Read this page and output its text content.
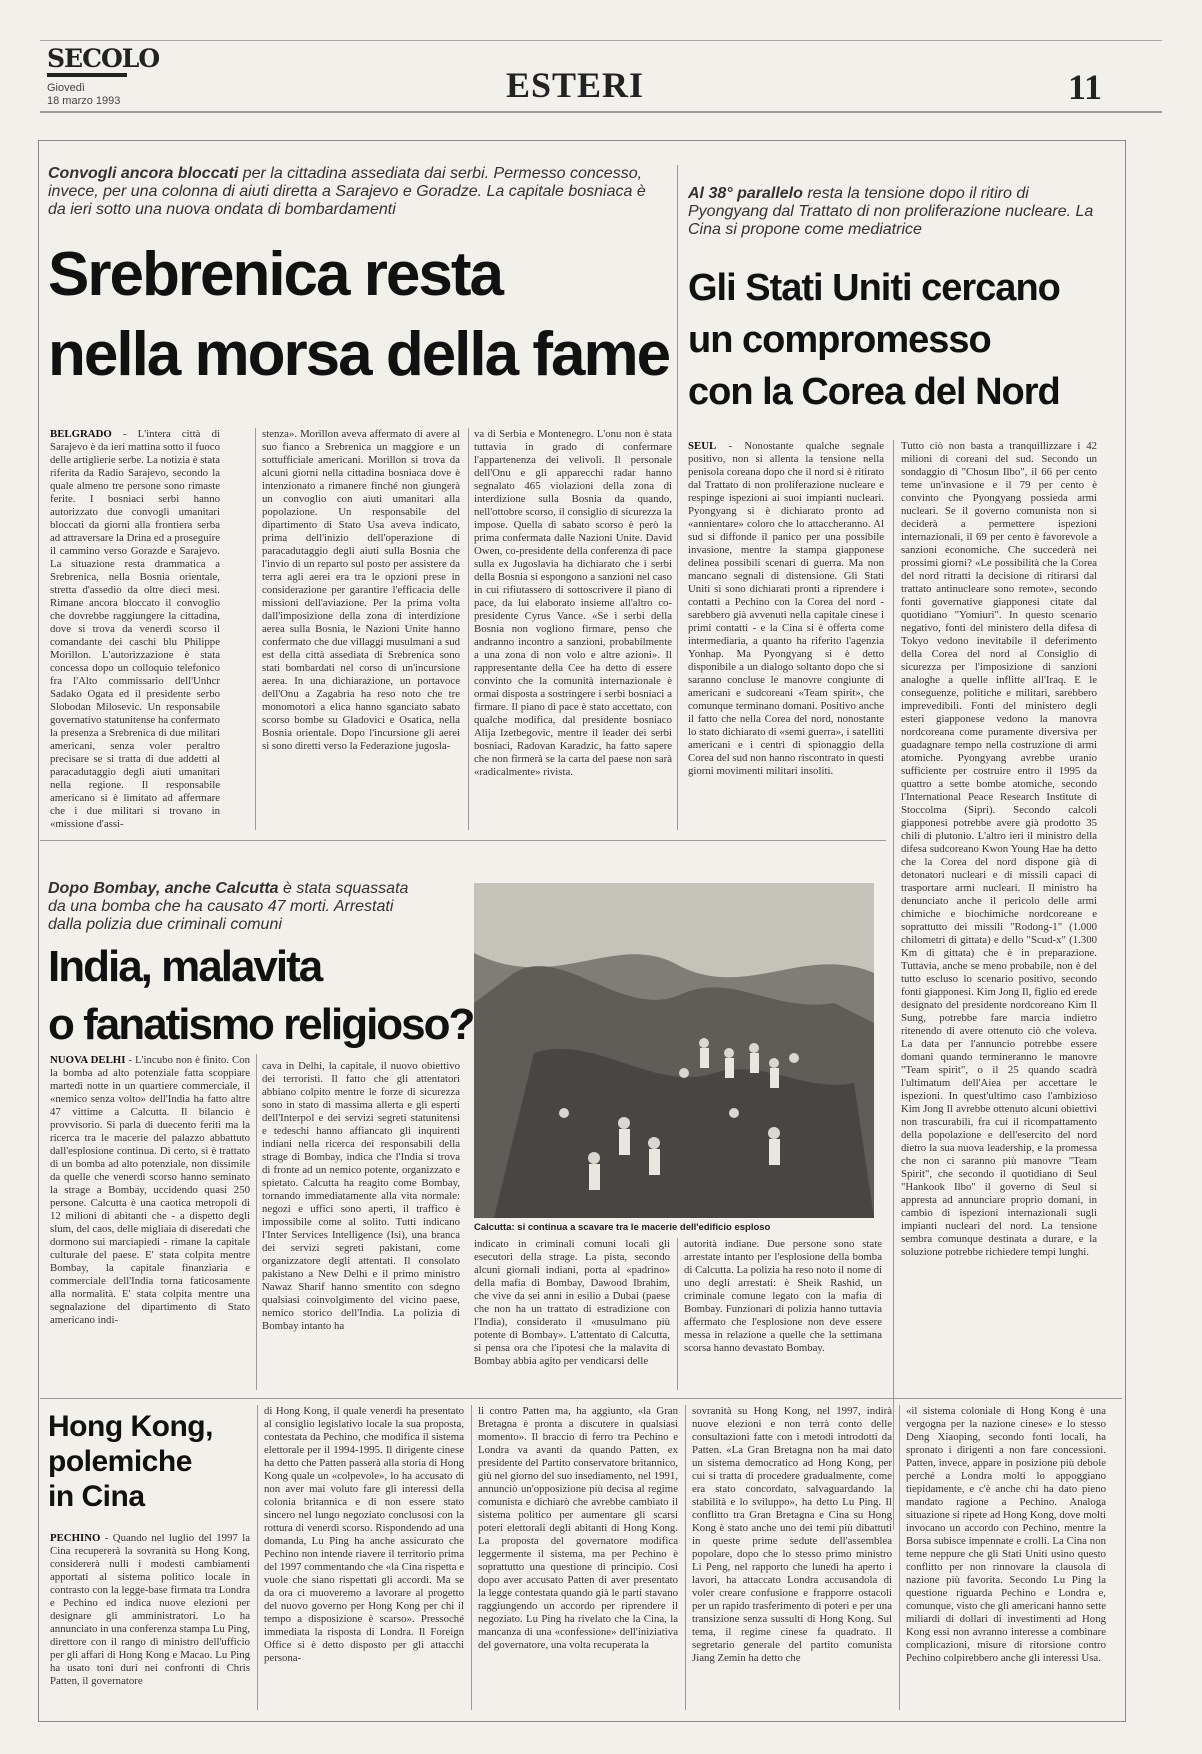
SECOLO
Giovedì
18 marzo 1993	ESTERI	11
Convogli ancora bloccati per la cittadina assediata dai serbi. Permesso concesso, invece, per una colonna di aiuti diretta a Sarajevo e Goradze. La capitale bosniaca è da ieri sotto una nuova ondata di bombardamenti
Srebrenica resta
nella morsa della fame
BELGRADO - L'intera città di Sarajevo è da ieri mattina sotto il fuoco delle artiglierie serbe. La notizia è stata riferita da Radio Sarajevo, secondo la quale almeno tre persone sono rimaste ferite. I bosniaci serbi hanno autorizzato due convogli umanitari bloccati da giorni alla frontiera serba ad attraversare la Drina ed a proseguire il cammino verso Gorazde e Sarajevo. La situazione resta drammatica a Srebrenica, nella Bosnia orientale, stretta d'assedio da oltre dieci mesi. Rimane ancora bloccato il convoglio che dovrebbe raggiungere la cittadina, dove si trova da venerdì scorso il comandante dei caschi blu Philippe Morillon. L'autorizzazione è stata concessa dopo un colloquio telefonico fra l'Alto commissario dell'Unhcr Sadako Ogata ed il presidente serbo Slobodan Milosevic. Un responsabile governativo statunitense ha confermato la presenza a Srebrenica di due militari americani, senza voler peraltro precisare se si tratta di due addetti al paracadutaggio degli aiuti umanitari nella regione. Il responsabile americano si è limitato ad affermare che i due militari si trovano in «missione d'assi-
stenza». Morillon aveva affermato di avere al suo fianco a Srebrenica un maggiore e un sottufficiale americani. Morillon si trova da alcuni giorni nella cittadina bosniaca dove è intenzionato a rimanere finché non giungerà un convoglio con aiuti umanitari alla popolazione. Un responsabile del dipartimento di Stato Usa aveva indicato, prima dell'inizio dell'operazione di paracadutaggio degli aiuti sulla Bosnia che l'invio di un reparto sul posto per assistere da terra agli aerei era tra le opzioni prese in considerazione per garantire l'efficacia delle missioni dell'aviazione. Per la prima volta dall'imposizione della zona di interdizione aerea sulla Bosnia, le Nazioni Unite hanno confermato che due villaggi musulmani a sud est della città assediata di Srebrenica sono stati bombardati nel corso di un'incursione aerea. In una dichiarazione, un portavoce dell'Onu a Zagabria ha reso noto che tre monomotori a elica hanno sganciato sabato scorso bombe su Gladovici e Osatica, nella Bosnia orientale. Dopo l'incursione gli aerei si sono diretti verso la Federazione jugosla-
va di Serbia e Montenegro. L'onu non è stata tuttavia in grado di confermare l'appartenenza dei velivoli. Il personale dell'Onu e gli apparecchi radar hanno segnalato 465 violazioni della zona di interdizione sulla Bosnia da quando, nell'ottobre scorso, il consiglio di sicurezza la impose. Quella di sabato scorso è però la prima confermata dalle Nazioni Unite. David Owen, co-presidente della conferenza di pace sulla ex Jugoslavia ha dichiarato che i serbi della Bosnia si espongono a sanzioni nel caso in cui rifiutassero di sottoscrivere il piano di pace, da lui elaborato insieme all'altro co-presidente Cyrus Vance. «Se i serbi della Bosnia non vogliono firmare, penso che andranno incontro a sanzioni, probabilmente a una zona di non volo e altre azioni». Il rappresentante della Cee ha detto di essere convinto che la comunità internazionale è ormai disposta a sostringere i serbi bosniaci a firmare. Il piano di pace è stato accettato, con qualche modifica, dal presidente bosniaco Alija Izetbegovic, mentre il leader dei serbi bosniaci, Radovan Karadzic, ha fatto sapere che non firmerà se la carta del paese non sarà «radicalmente» rivista.
Al 38° parallelo resta la tensione dopo il ritiro di Pyongyang dal Trattato di non proliferazione nucleare. La Cina si propone come mediatrice
Gli Stati Uniti cercano
un compromesso
con la Corea del Nord
SEUL - Nonostante qualche segnale positivo, non si allenta la tensione nella penisola coreana dopo che il nord si è ritirato dal Trattato di non proliferazione nucleare e respinge ispezioni ai suoi impianti nucleari. Pyongyang si è dichiarato pronto ad «annientare» coloro che lo attaccheranno. Al sud si diffonde il panico per una possibile invasione, mentre la stampa giapponese delinea possibili scenari di guerra. Ma non mancano segnali di distensione. Gli Stati Uniti si sono dichiarati pronti a riprendere i contatti a Pechino con la Corea del nord - sarebbero già avvenuti nella capitale cinese i primi contatti - e la Cina si è offerta come intermediaria, a quanto ha riferito l'agenzia Yonhap. Ma Pyongyang si è detto disponibile a un dialogo soltanto dopo che si saranno concluse le manovre congiunte di americani e sudcoreani «Team spirit», che comunque terminano domani. Positivo anche il fatto che nella Corea del nord, nonostante lo stato dichiarato di «semi guerra», i satelliti americani e i centri di spionaggio della Corea del sud non hanno riscontrato in questi giorni movimenti militari insoliti.
Tutto ciò non basta a tranquillizzare i 42 milioni di coreani del sud. Secondo un sondaggio di "Chosun Ilbo", il 66 per cento teme un'invasione e il 79 per cento è convinto che Pyongyang possieda armi nucleari. Se il governo comunista non si deciderà a permettere ispezioni internazionali, il 69 per cento è favorevole a sanzioni economiche. Che succederà nei prossimi giorni? «Le possibilità che la Corea del nord ritratti la decisione di ritirarsi dal trattato antinucleare sono remote», secondo fonti governative giapponesi citate dal quotidiano "Yomiuri". In questo scenario negativo, fonti del ministero della difesa di Tokyo vedono inevitabile il deferimento della Corea del nord al Consiglio di sicurezza per l'imposizione di sanzioni analoghe a quelle inflitte all'Iraq. E le conseguenze, politiche e militari, sarebbero imprevedibili. Fonti del ministero degli esteri giapponese vedono la manovra nordcoreana come puramente diversiva per guadagnare tempo nella costruzione di armi atomiche. Pyongyang avrebbe uranio sufficiente per costruire entro il 1995 da quattro a sette bombe atomiche, secondo l'International Peace Research Institute di Stoccolma (Sipri). Secondo calcoli giapponesi potrebbe avere già prodotto 35 chili di plutonio. L'altro ieri il ministro della difesa sudcoreano Kwon Young Hae ha detto che la Corea del nord dispone già di detonatori nucleari e di missili capaci di trasportare armi nucleari. Il ministro ha denunciato anche il pericolo delle armi chimiche e biochimiche nordcoreane e soprattutto dei missili "Rodong-1" (1.000 chilometri di gittata) e dello "Scud-x" (1.300 Km di gittata) che è in preparazione. Tuttavia, anche se meno probabile, non è del tutto escluso lo scenario positivo, secondo fonti giapponesi. Kim Jong Il, figlio ed erede designato del presidente nordcoreano Kim Il Sung, potrebbe fare marcia indietro ritenendo di avere ottenuto ciò che voleva. La data per l'annuncio potrebbe essere domani quando termineranno le manovre "Team spirit", o il 25 quando scadrà l'ultimatum dell'Aiea per accettare le ispezioni. In quest'ultimo caso l'ambizioso Kim Jong Il avrebbe ottenuto alcuni obiettivi non trascurabili, fra cui il ricompattamento della popolazione e dell'esercito del nord dietro la sua nuova leadership, e la promessa che non ci saranno più manovre "Team Spirit", che secondo il quotidiano di Seul "Hankook Ilbo" il governo di Seul si appresta ad annunciare proprio domani, in cambio di ispezioni internazionali sugli impianti nucleari del nord. La tensione sembra comunque destinata a durare, e la soluzione potrebbe richiedere tempi lunghi.
Dopo Bombay, anche Calcutta è stata squassata da una bomba che ha causato 47 morti. Arrestati dalla polizia due criminali comuni
India, malavita
o fanatismo religioso?
NUOVA DELHI - L'incubo non è finito. Con la bomba ad alto potenziale fatta scoppiare martedì notte in un quartiere commerciale, il «nemico senza volto» dell'India ha fatto altre 47 vittime a Calcutta. Il bilancio è provvisorio. Si parla di duecento feriti ma la ricerca tra le macerie del palazzo abbattuto dall'esplosione continua. Di certo, si è trattato di un bomba ad alto potenziale, non dissimile da quelle che venerdì scorso hanno seminato la strage a Bombay, uccidendo quasi 250 persone. Calcutta è una caotica metropoli di 12 milioni di abitanti che - a dispetto degli slum, del caos, delle migliaia di diseredati che dormono sui marciapiedi - rimane la capitale culturale del paese. E' stata colpita mentre Bombay, la capitale finanziaria e commerciale dell'India torna faticosamente alla normalità. E' stata colpita mentre una segnalazione del dipartimento di Stato americano indi-
cava in Delhi, la capitale, il nuovo obiettivo dei terroristi. Il fatto che gli attentatori abbiano colpito mentre le forze di sicurezza sono in stato di massima allerta e gli esperti dell'Interpol e dei servizi segreti statunitensi e tedeschi hanno affiancato gli inquirenti indiani nella ricerca dei responsabili della strage di Bombay, indica che l'India si trova di fronte ad un nemico potente, organizzato e spietato. Calcutta ha reagito come Bombay, tornando immediatamente alla vita normale: negozi e uffici sono aperti, il traffico è impossibile come al solito. Tutti indicano l'Inter Services Intelligence (Isi), una branca dei servizi segreti pakistani, come organizzatore degli attentati. Il consolato pakistano a New Delhi e il primo ministro Nawaz Sharif hanno smentito con sdegno qualsiasi coinvolgimento del vicino paese, nemico storico dell'India. La polizia di Bombay intanto ha
Calcutta: si continua a scavare tra le macerie dell'edificio esploso
indicato in criminali comuni locali gli esecutori della strage. La pista, secondo alcuni giornali indiani, porta al «padrino» della mafia di Bombay, Dawood Ibrahim, che vive da sei anni in esilio a Dubai (paese che non ha un trattato di estradizione con l'India), considerato il «musulmano più potente di Bombay». L'attentato di Calcutta, si pensa ora che l'ipotesi che la malavita di Bombay abbia agito per vendicarsi delle
autorità indiane. Due persone sono state arrestate intanto per l'esplosione della bomba di Calcutta. La polizia ha reso noto il nome di uno degli arrestati: è Sheik Rashid, un criminale comune legato con la mafia di Bombay. Funzionari di polizia hanno tuttavia affermato che l'esplosione non deve essere messa in relazione a quelle che la settimana scorsa hanno devastato Bombay.
Hong Kong,
polemiche
in Cina
PECHINO - Quando nel luglio del 1997 la Cina recupererà la sovranità su Hong Kong, considererà nulli i modesti cambiamenti apportati al sistema politico locale in contrasto con la legge-base firmata tra Londra e Pechino ed indica nuove elezioni per designare gli amministratori. Lo ha annunciato in una conferenza stampa Lu Ping, direttore con il rango di ministro dell'ufficio per gli affari di Hong Kong e Macao. Lu Ping ha usato toni duri nei confronti di Chris Patten, il governatore
di Hong Kong, il quale venerdì ha presentato al consiglio legislativo locale la sua proposta, contestata da Pechino, che modifica il sistema elettorale per il 1994-1995. Il dirigente cinese ha detto che Patten passerà alla storia di Hong Kong quale un «colpevole», lo ha accusato di non aver mai voluto fare gli interessi della colonia britannica e di non essere stato sincero nel lungo negoziato conclusosi con la rottura di venerdì scorso. Rispondendo ad una domanda, Lu Ping ha anche assicurato che Pechino non intende riavere il territorio prima del 1997 commentando che «la Cina rispetta e vuole che siano rispettati gli accordi. Ma se da ora ci muoveremo a lavorare al progetto del nuovo governo per Hong Kong per chi il tempo a disposizione è scarso». Pressoché immediata la risposta di Londra. Il Foreign Office si è detto disposto per gli attacchi persona-
li contro Patten ma, ha aggiunto, «la Gran Bretagna è pronta a discutere in qualsiasi momento». Il braccio di ferro tra Pechino e Londra va avanti da quando Patten, ex presidente del Partito conservatore britannico, giù nel giorno del suo insediamento, nel 1991, annunciò un'opposizione più decisa al regime comunista e dichiarò che avrebbe cambiato il sistema politico per aumentare gli scarsi poteri elettorali degli abitanti di Hong Kong. La proposta del governatore modifica leggermente il sistema, ma per Pechino è soprattutto una questione di principio. Così dopo aver accusato Patten di aver presentato la legge contestata quando già le parti stavano raggiungendo un accordo per riprendere il negoziato. Lu Ping ha rivelato che la Cina, la mancanza di una «confessione» dell'iniziativa del governatore, una volta recuperata la
sovranità su Hong Kong, nel 1997, indirà nuove elezioni e non terrà conto delle consultazioni fatte con i metodi introdotti da Patten. «La Gran Bretagna non ha mai dato un sistema democratico ad Hong Kong, per cui si tratta di procedere gradualmente, come era stato concordato, salvaguardando la stabilità e lo sviluppo», ha detto Lu Ping. Il conflitto tra Gran Bretagna e Cina su Hong Kong è stato anche uno dei temi più dibattuti in queste prime sedute dell'assemblea popolare, dopo che lo stesso primo ministro Li Peng, nel rapporto che lunedì ha aperto i lavori, ha attaccato Londra accusandola di voler creare confusione e frapporre ostacoli per un rapido trasferimento di poteri e per una transizione senza sussulti di Hong Kong. Sul tema, il regime cinese fa quadrato. Il segretario generale del partito comunista Jiang Zemin ha detto che
«il sistema coloniale di Hong Kong è una vergogna per la nazione cinese» e lo stesso Deng Xiaoping, secondo fonti locali, ha spronato i dirigenti a non fare concessioni. Patten, invece, appare in posizione più debole perché a Londra molti lo appoggiano tiepidamente, e c'è anche chi ha dato pieno mandato ragione a Pechino. Analoga situazione si ripete ad Hong Kong, dove molti invocano un accordo con Pechino, mentre la Borsa subisce impennate e crolli. La Cina non teme neppure che gli Stati Uniti usino questo conflitto per non rinnovare la clausola di nazione più favorita. Secondo Lu Ping la questione riguarda Pechino e Londra e, comunque, visto che gli americani hanno sette miliardi di dollari di investimenti ad Hong Kong essi non avranno interesse a combinare complicazioni, misure di ritorsione contro Pechino colpirebbero anche gli interessi Usa.
